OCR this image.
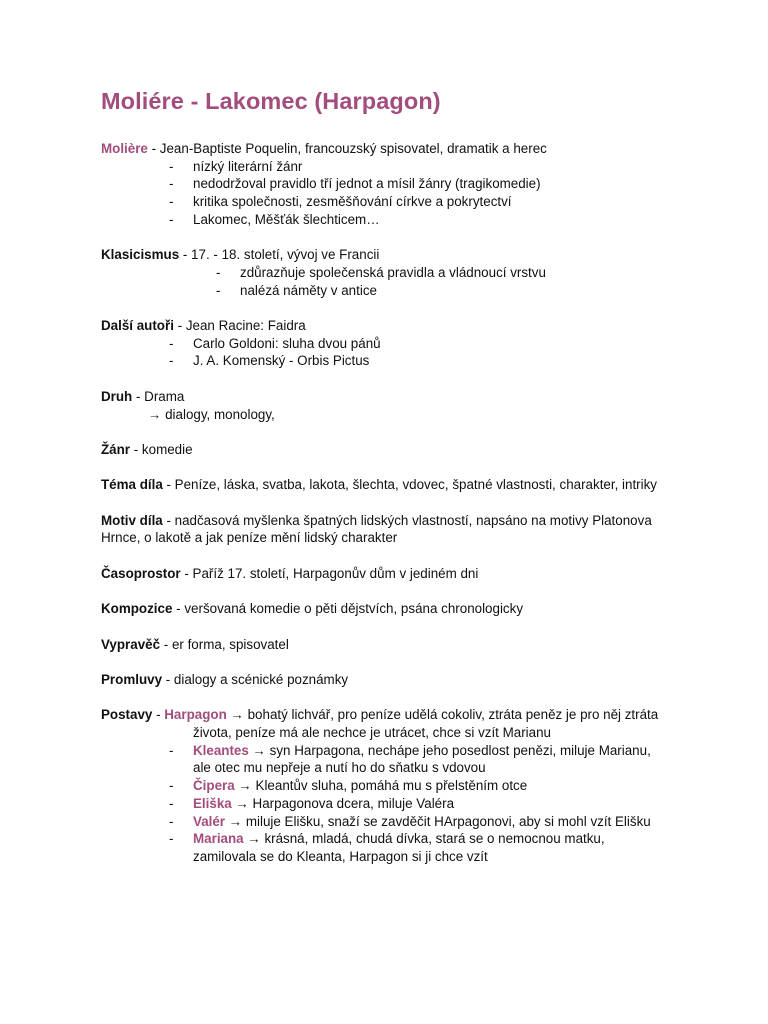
Moliére - Lakomec (Harpagon)
Molière - Jean-Baptiste Poquelin, francouzský spisovatel, dramatik a herec
- nízký literární žánr
- nedodržoval pravidlo tří jednot a mísil žánry (tragikomedie)
- kritika společnosti, zesměšňování církve a pokrytectví
- Lakomec, Měšťák šlechticem…
Klasicismus - 17. - 18. století, vývoj ve Francii
- zdůrazňuje společenská pravidla a vládnoucí vrstvu
- nalézá náměty v antice
Další autoři - Jean Racine: Faidra
- Carlo Goldoni: sluha dvou pánů
- J. A. Komenský - Orbis Pictus
Druh - Drama
→ dialogy, monology,
Žánr - komedie
Téma díla - Peníze, láska, svatba, lakota, šlechta, vdovec, špatné vlastnosti, charakter, intriky
Motiv díla - nadčasová myšlenka špatných lidských vlastností, napsáno na motivy Platonova Hrnce, o lakotě a jak peníze mění lidský charakter
Časoprostor - Paříž 17. století, Harpagonův dům v jediném dni
Kompozice - veršovaná komedie o pěti dějstvích, psána chronologicky
Vypravěč - er forma, spisovatel
Promluvy - dialogy a scénické poznámky
Postavy - Harpagon → bohatý lichvář, pro peníze udělá cokoliv, ztráta peněz je pro něj ztráta života, peníze má ale nechce je utrácet, chce si vzít Marianu
- Kleantes → syn Harpagona, nechápe jeho posedlost penězi, miluje Marianu, ale otec mu nepřeje a nutí ho do sňatku s vdovou
- Čipera → Kleantův sluha, pomáhá mu s přelstěním otce
- Eliška → Harpagonova dcera, miluje Valéra
- Valér → miluje Elišku, snaží se zavděčit HArpagonovi, aby si mohl vzít Elišku
- Mariana → krásná, mladá, chudá dívka, stará se o nemocnou matku, zamilovala se do Kleanta, Harpagon si ji chce vzít
